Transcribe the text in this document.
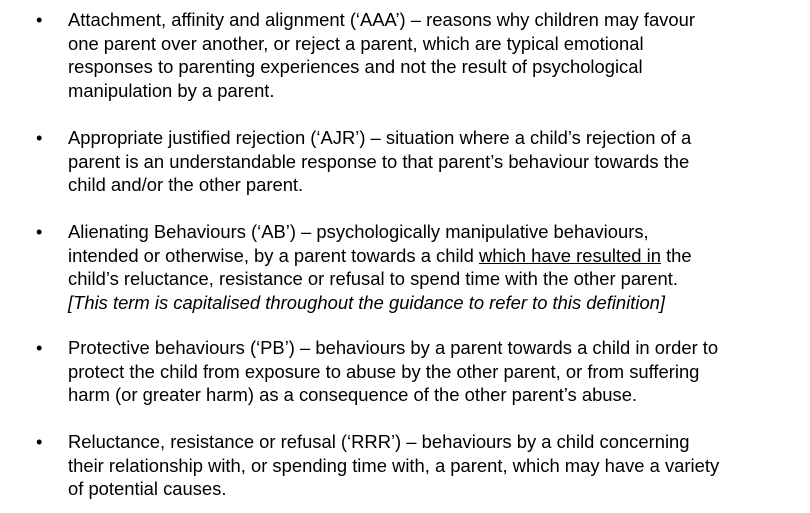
• Attachment, affinity and alignment (‘AAA’) – reasons why children may favour
one parent over another, or reject a parent, which are typical emotional
responses to parenting experiences and not the result of psychological
manipulation by a parent.
• Appropriate justified rejection (‘AJR’) – situation where a child’s rejection of a
parent is an understandable response to that parent’s behaviour towards the
child and/or the other parent.
• Alienating Behaviours (‘AB’) – psychologically manipulative behaviours,
intended or otherwise, by a parent towards a child which have resulted in the
child’s reluctance, resistance or refusal to spend time with the other parent.
[This term is capitalised throughout the guidance to refer to this definition]
• Protective behaviours (‘PB’) – behaviours by a parent towards a child in order to
protect the child from exposure to abuse by the other parent, or from suffering
harm (or greater harm) as a consequence of the other parent’s abuse.
• Reluctance, resistance or refusal (‘RRR’) – behaviours by a child concerning
their relationship with, or spending time with, a parent, which may have a variety
of potential causes.
